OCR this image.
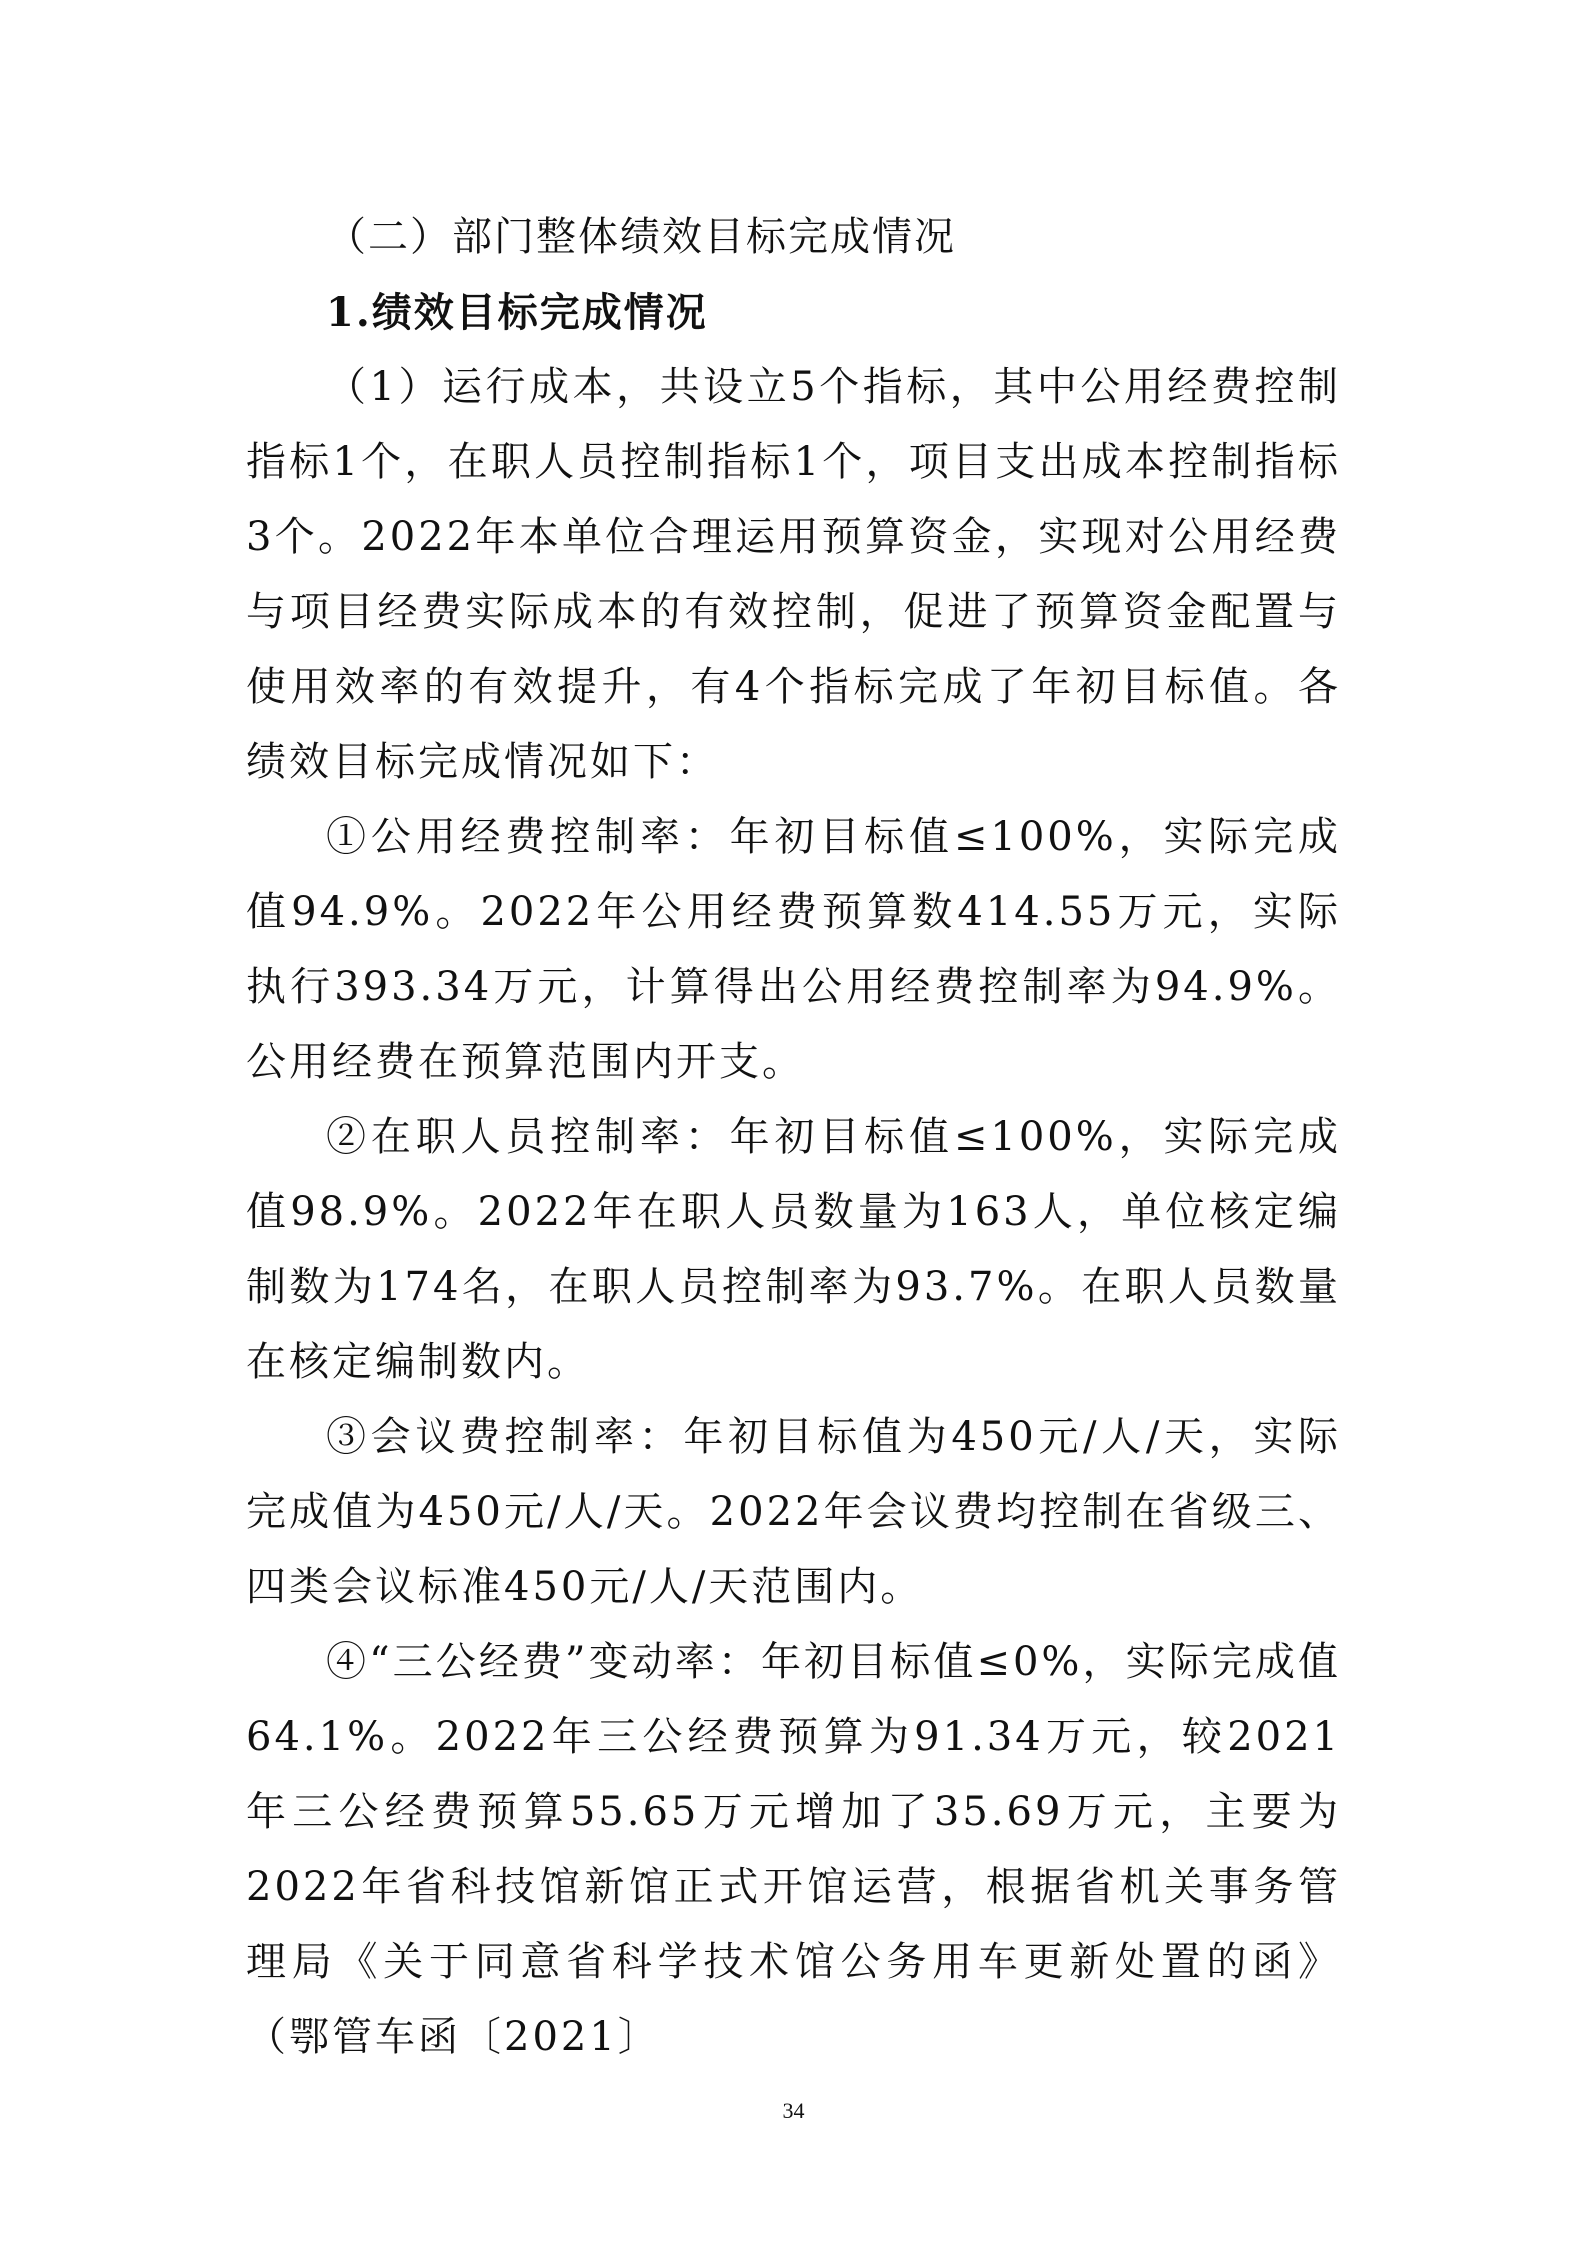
（二）部门整体绩效目标完成情况

1.绩效目标完成情况

（1）运行成本，共设立5个指标，其中公用经费控制指标1个，在职人员控制指标1个，项目支出成本控制指标3个。2022年本单位合理运用预算资金，实现对公用经费与项目经费实际成本的有效控制，促进了预算资金配置与使用效率的有效提升，有4个指标完成了年初目标值。各绩效目标完成情况如下：

①公用经费控制率：年初目标值≤100%，实际完成值94.9%。2022年公用经费预算数414.55万元，实际执行393.34万元，计算得出公用经费控制率为94.9%。公用经费在预算范围内开支。

②在职人员控制率：年初目标值≤100%，实际完成值98.9%。2022年在职人员数量为163人，单位核定编制数为174名，在职人员控制率为93.7%。在职人员数量在核定编制数内。

③会议费控制率：年初目标值为450元/人/天，实际完成值为450元/人/天。2022年会议费均控制在省级三、四类会议标准450元/人/天范围内。

④“三公经费”变动率：年初目标值≤0%，实际完成值64.1%。2022年三公经费预算为91.34万元，较2021年三公经费预算55.65万元增加了35.69万元，主要为2022年省科技馆新馆正式开馆运营，根据省机关事务管理局《关于同意省科学技术馆公务用车更新处置的函》（鄂管车函〔2021〕

34
